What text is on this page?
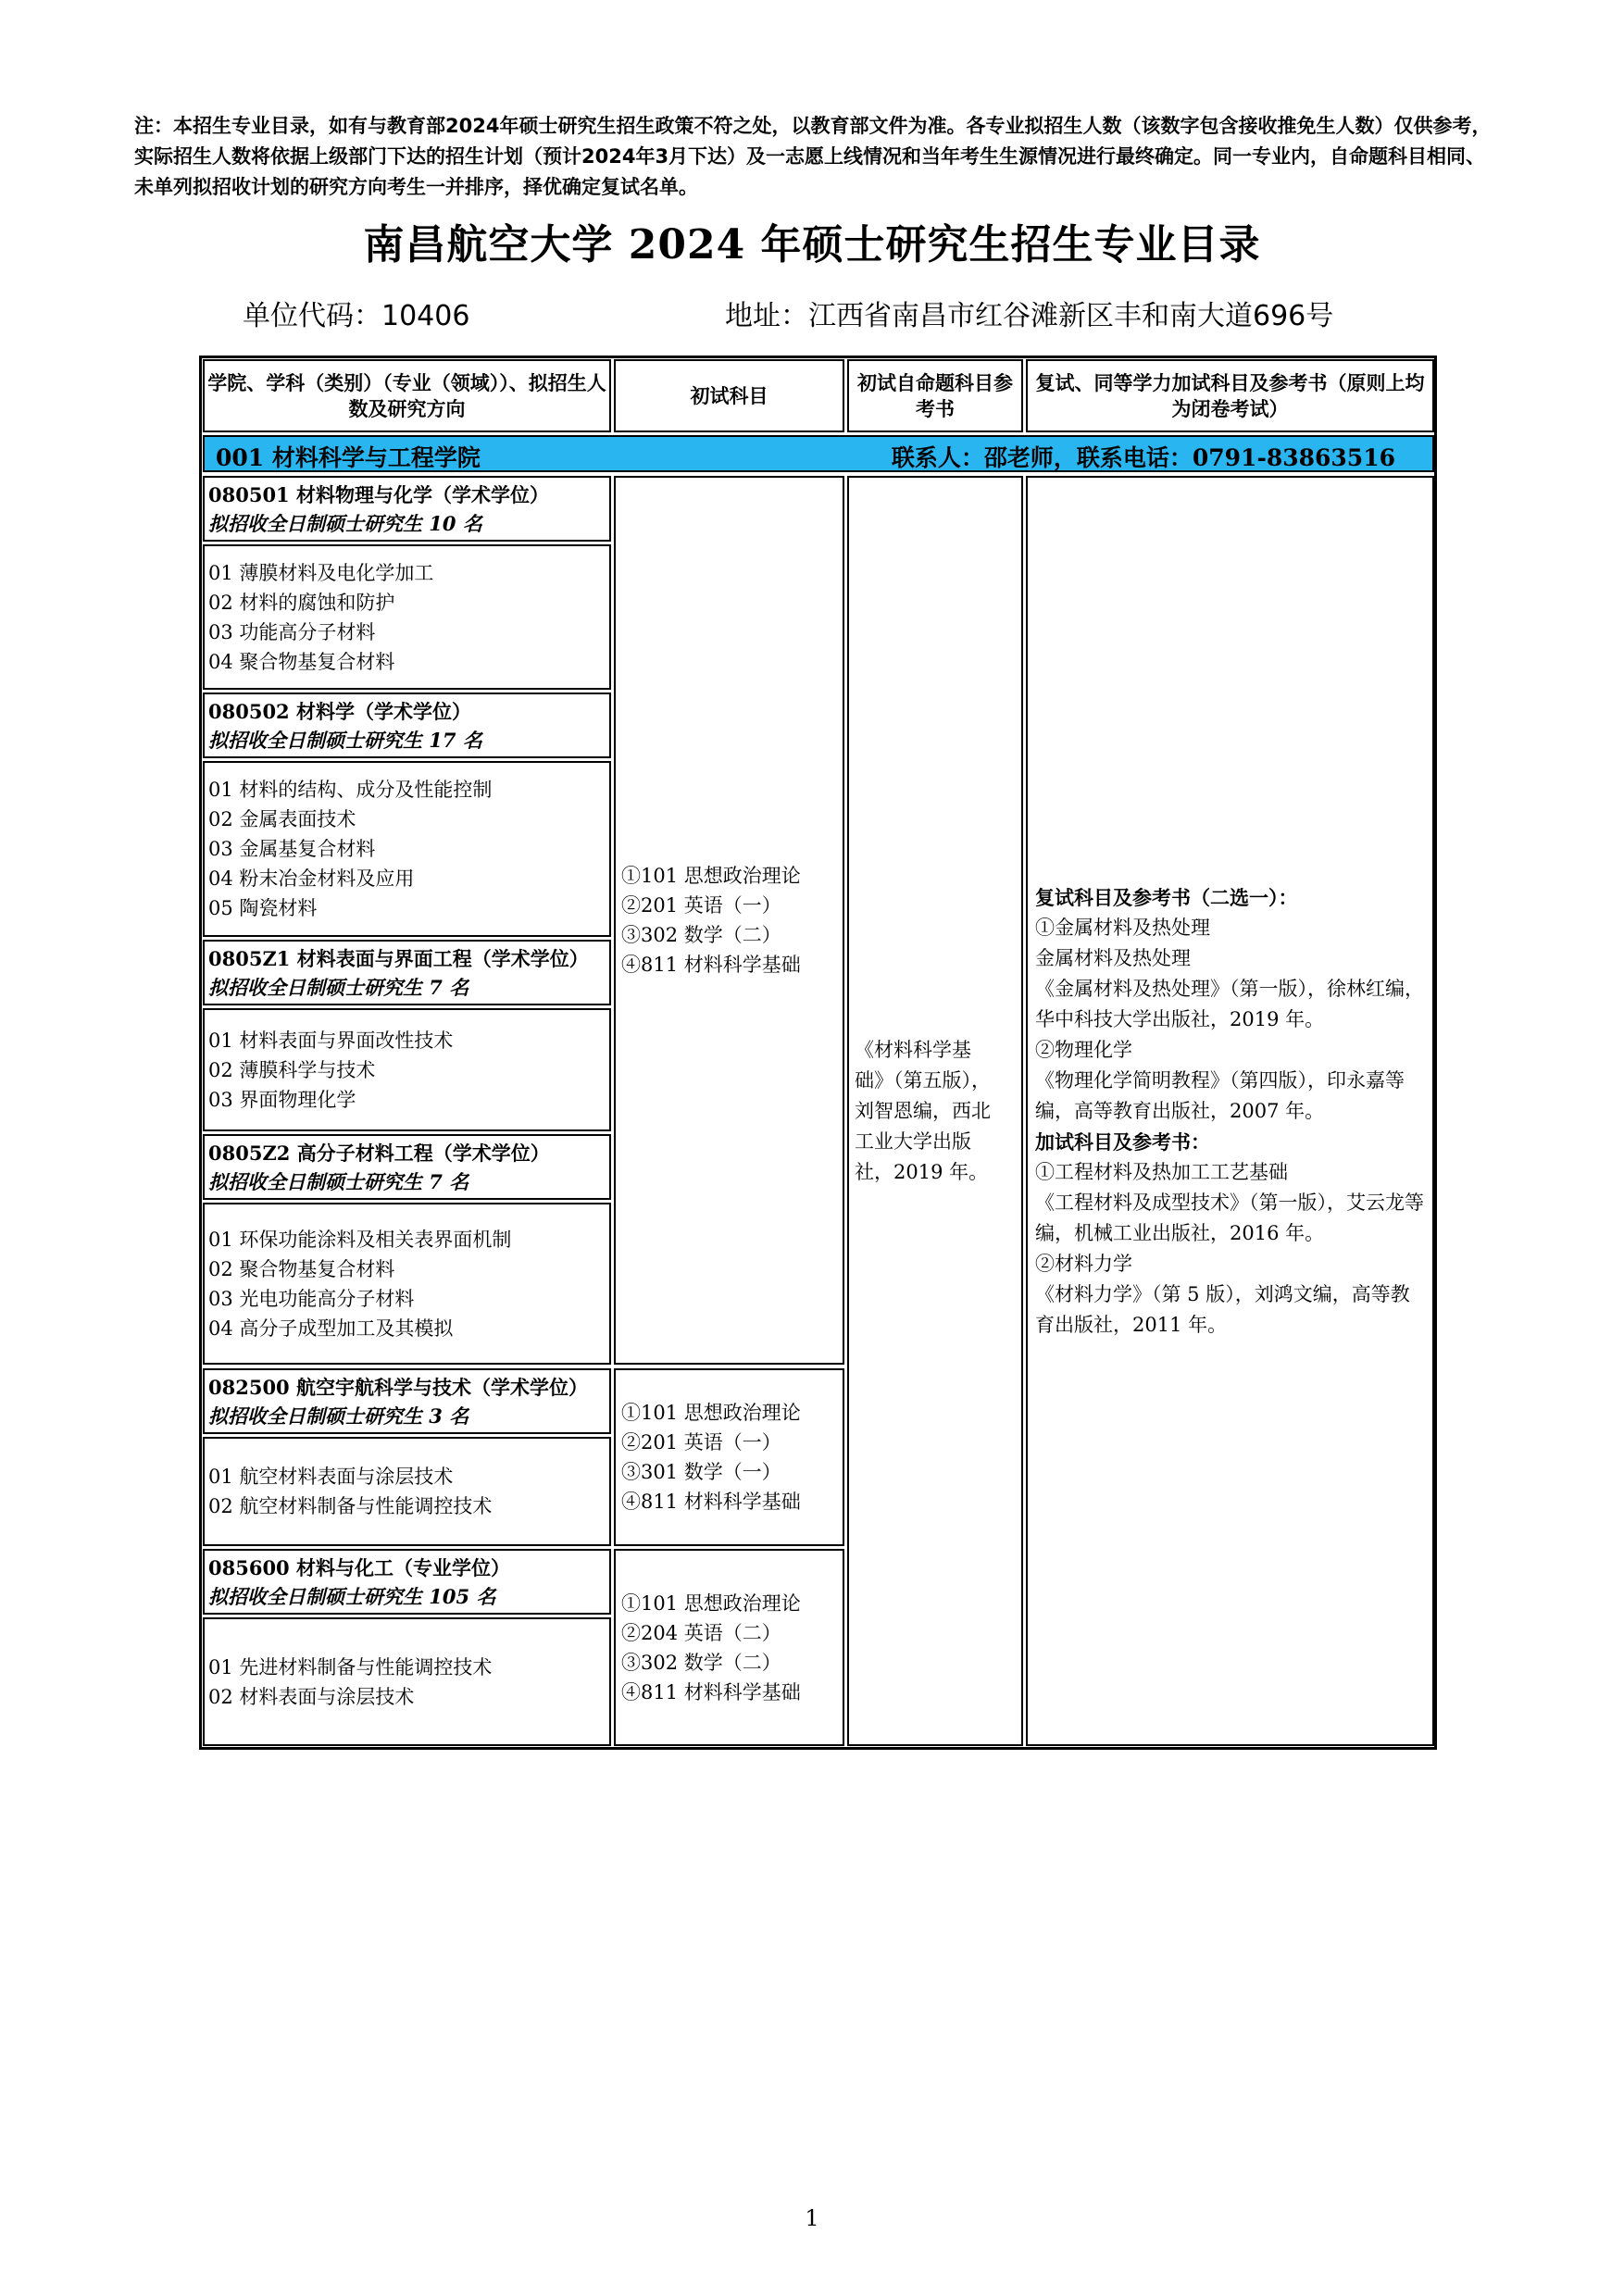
注：本招生专业目录，如有与教育部2024年硕士研究生招生政策不符之处，以教育部文件为准。各专业拟招生人数（该数字包含接收推免生人数）仅供参考，实际招生人数将依据上级部门下达的招生计划（预计2024年3月下达）及一志愿上线情况和当年考生生源情况进行最终确定。同一专业内，自命题科目相同、未单列拟招收计划的研究方向考生一并排序，择优确定复试名单。
南昌航空大学 2024 年硕士研究生招生专业目录
单位代码：10406	地址：江西省南昌市红谷滩新区丰和南大道696号
学院、学科（类别）（专业（领域））、拟招生人数及研究方向
初试科目
初试自命题科目参考书
复试、同等学力加试科目及参考书（原则上均为闭卷考试）
001 材料科学与工程学院	联系人：邵老师，联系电话：0791-83863516
080501 材料物理与化学（学术学位）
拟招收全日制硕士研究生 10 名
01 薄膜材料及电化学加工
02 材料的腐蚀和防护
03 功能高分子材料
04 聚合物基复合材料
080502 材料学（学术学位）
拟招收全日制硕士研究生 17 名
01 材料的结构、成分及性能控制
02 金属表面技术
03 金属基复合材料
04 粉末冶金材料及应用
05 陶瓷材料
0805Z1 材料表面与界面工程（学术学位）
拟招收全日制硕士研究生 7 名
01 材料表面与界面改性技术
02 薄膜科学与技术
03 界面物理化学
0805Z2 高分子材料工程（学术学位）
拟招收全日制硕士研究生 7 名
01 环保功能涂料及相关表界面机制
02 聚合物基复合材料
03 光电功能高分子材料
04 高分子成型加工及其模拟
082500 航空宇航科学与技术（学术学位）
拟招收全日制硕士研究生 3 名
01 航空材料表面与涂层技术
02 航空材料制备与性能调控技术
085600 材料与化工（专业学位）
拟招收全日制硕士研究生 105 名
01 先进材料制备与性能调控技术
02 材料表面与涂层技术
①101 思想政治理论
②201 英语（一）
③302 数学（二）
④811 材料科学基础
①101 思想政治理论
②201 英语（一）
③301 数学（一）
④811 材料科学基础
①101 思想政治理论
②204 英语（二）
③302 数学（二）
④811 材料科学基础
《材料科学基
础》（第五版），
刘智恩编，西北
工业大学出版
社，2019 年。
复试科目及参考书（二选一）：
①金属材料及热处理
金属材料及热处理
《金属材料及热处理》（第一版），徐林红编，华中科技大学出版社，2019 年。
②物理化学
《物理化学简明教程》（第四版），印永嘉等编，高等教育出版社，2007 年。
加试科目及参考书：
①工程材料及热加工工艺基础
《工程材料及成型技术》（第一版），艾云龙等编，机械工业出版社，2016 年。
②材料力学
《材料力学》（第 5 版），刘鸿文编，高等教育出版社，2011 年。
1
